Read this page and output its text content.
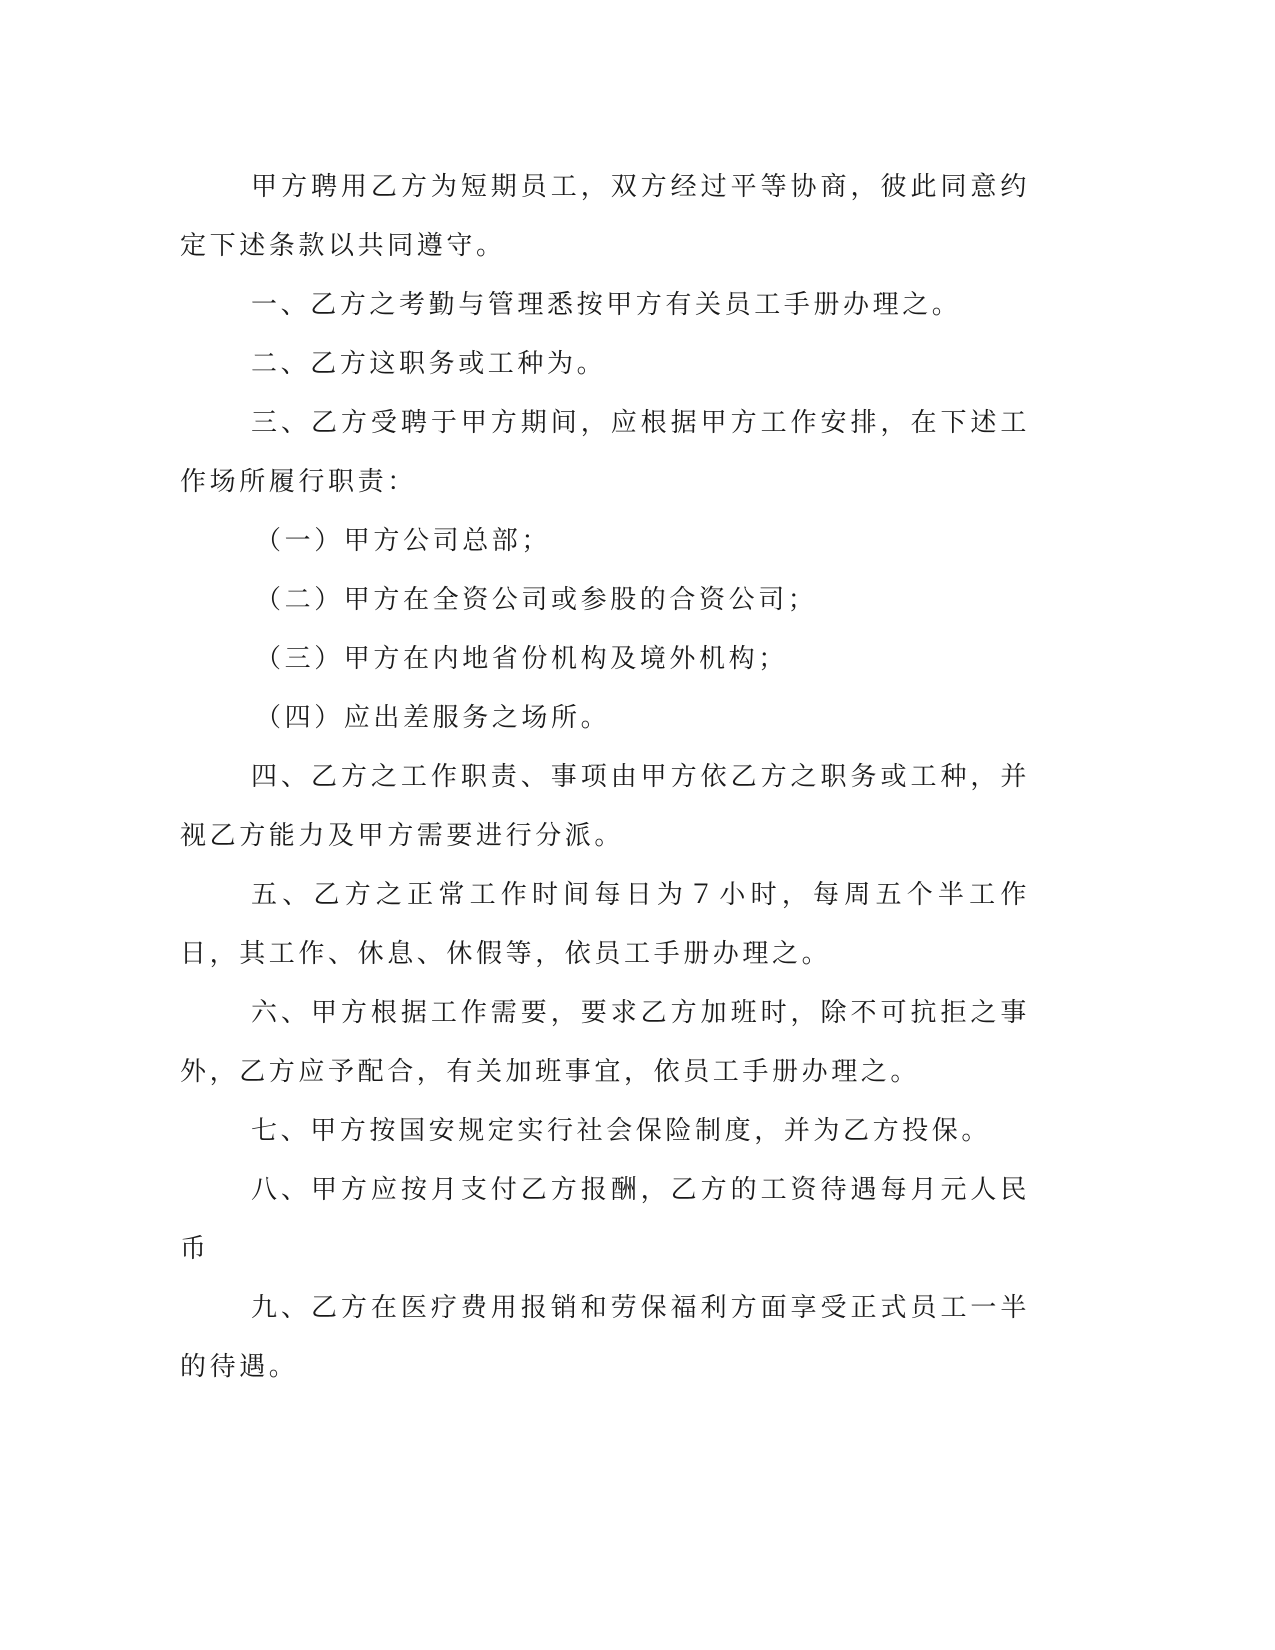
甲方聘用乙方为短期员工，双方经过平等协商，彼此同意约定下述条款以共同遵守。

一、乙方之考勤与管理悉按甲方有关员工手册办理之。

二、乙方这职务或工种为。

三、乙方受聘于甲方期间，应根据甲方工作安排，在下述工作场所履行职责：

（一）甲方公司总部；

（二）甲方在全资公司或参股的合资公司；

（三）甲方在内地省份机构及境外机构；

（四）应出差服务之场所。

四、乙方之工作职责、事项由甲方依乙方之职务或工种，并视乙方能力及甲方需要进行分派。

五、乙方之正常工作时间每日为７小时，每周五个半工作日，其工作、休息、休假等，依员工手册办理之。

六、甲方根据工作需要，要求乙方加班时，除不可抗拒之事外，乙方应予配合，有关加班事宜，依员工手册办理之。

七、甲方按国安规定实行社会保险制度，并为乙方投保。

八、甲方应按月支付乙方报酬，乙方的工资待遇每月元人民币

九、乙方在医疗费用报销和劳保福利方面享受正式员工一半的待遇。
